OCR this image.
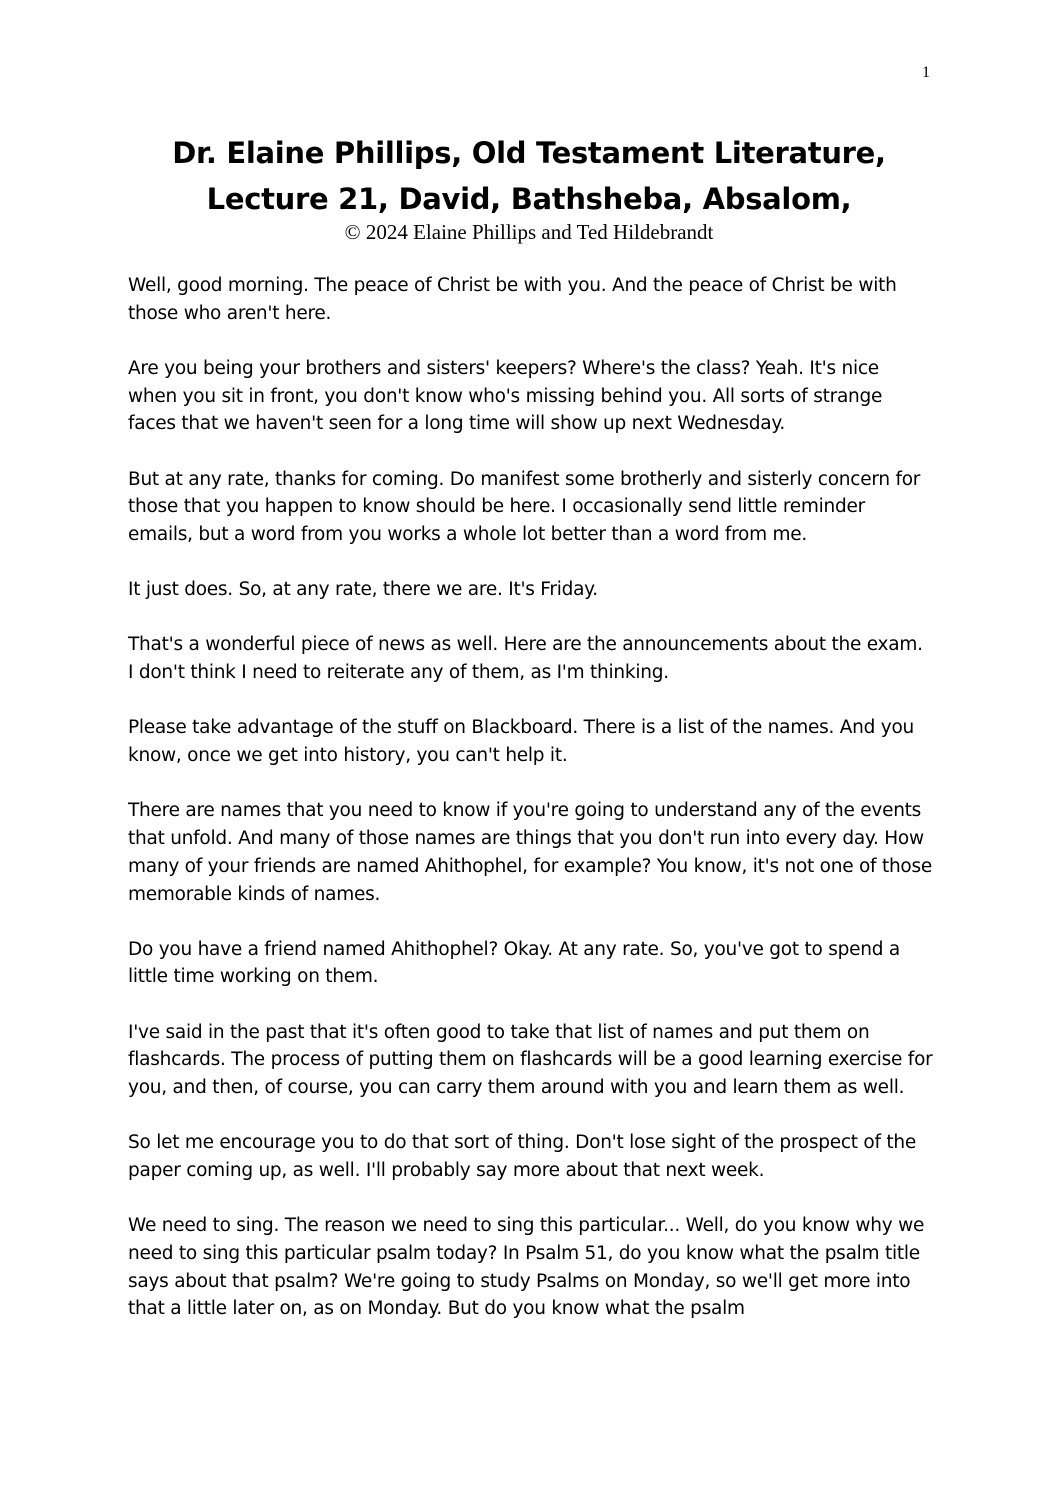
1
Dr. Elaine Phillips, Old Testament Literature,
Lecture 21, David, Bathsheba, Absalom,
© 2024 Elaine Phillips and Ted Hildebrandt

Well, good morning. The peace of Christ be with you. And the peace of Christ be with those who aren't here.

Are you being your brothers and sisters' keepers? Where's the class? Yeah. It's nice when you sit in front, you don't know who's missing behind you. All sorts of strange faces that we haven't seen for a long time will show up next Wednesday.

But at any rate, thanks for coming. Do manifest some brotherly and sisterly concern for those that you happen to know should be here. I occasionally send little reminder emails, but a word from you works a whole lot better than a word from me.

It just does. So, at any rate, there we are. It's Friday.

That's a wonderful piece of news as well. Here are the announcements about the exam. I don't think I need to reiterate any of them, as I'm thinking.

Please take advantage of the stuff on Blackboard. There is a list of the names. And you know, once we get into history, you can't help it.

There are names that you need to know if you're going to understand any of the events that unfold. And many of those names are things that you don't run into every day. How many of your friends are named Ahithophel, for example? You know, it's not one of those memorable kinds of names.

Do you have a friend named Ahithophel? Okay. At any rate. So, you've got to spend a little time working on them.

I've said in the past that it's often good to take that list of names and put them on flashcards. The process of putting them on flashcards will be a good learning exercise for you, and then, of course, you can carry them around with you and learn them as well.

So let me encourage you to do that sort of thing. Don't lose sight of the prospect of the paper coming up, as well. I'll probably say more about that next week.

We need to sing. The reason we need to sing this particular... Well, do you know why we need to sing this particular psalm today? In Psalm 51, do you know what the psalm title says about that psalm? We're going to study Psalms on Monday, so we'll get more into that a little later on, as on Monday. But do you know what the psalm
